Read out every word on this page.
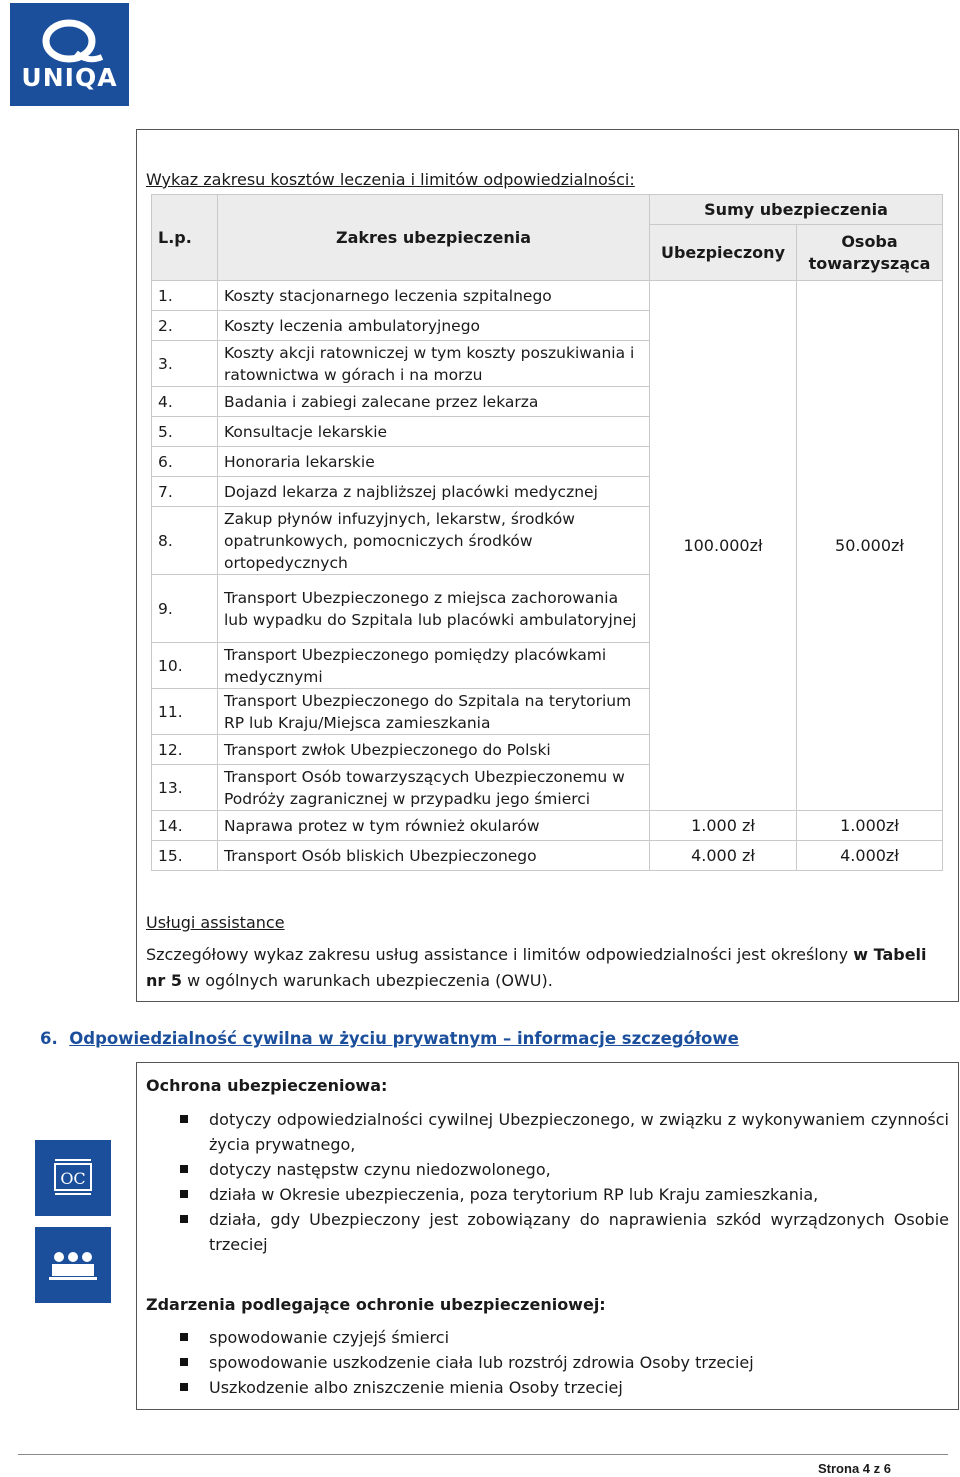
UNIQA
Wykaz zakresu kosztów leczenia i limitów odpowiedzialności:
L.p.	Zakres ubezpieczenia	Sumy ubezpieczenia	
		Ubezpieczony	Osoba towarzysząca
1.	Koszty stacjonarnego leczenia szpitalnego	100.000zł	50.000zł
2.	Koszty leczenia ambulatoryjnego		
3.	Koszty akcji ratowniczej w tym koszty poszukiwania i ratownictwa w górach i na morzu		
4.	Badania i zabiegi zalecane przez lekarza		
5.	Konsultacje lekarskie		
6.	Honoraria lekarskie		
7.	Dojazd lekarza z najbliższej placówki medycznej		
8.	Zakup płynów infuzyjnych, lekarstw, środków opatrunkowych, pomocniczych środków ortopedycznych		
9.	Transport Ubezpieczonego z miejsca zachorowania lub wypadku do Szpitala lub placówki ambulatoryjnej		
10.	Transport Ubezpieczonego pomiędzy placówkami medycznymi		
11.	Transport Ubezpieczonego do Szpitala na terytorium RP lub Kraju/Miejsca zamieszkania		
12.	Transport zwłok Ubezpieczonego do Polski		
13.	Transport Osób towarzyszących Ubezpieczonemu w Podróży zagranicznej w przypadku jego śmierci		
14.	Naprawa protez w tym również okularów	1.000 zł	1.000zł
15.	Transport Osób bliskich Ubezpieczonego	4.000 zł	4.000zł
Usługi assistance
Szczegółowy wykaz zakresu usług assistance i limitów odpowiedzialności jest określony w Tabeli nr 5 w ogólnych warunkach ubezpieczenia (OWU).
6. Odpowiedzialność cywilna w życiu prywatnym – informacje szczegółowe
OC
Ochrona ubezpieczeniowa:
dotyczy odpowiedzialności cywilnej Ubezpieczonego, w związku z wykonywaniem czynności życia prywatnego,
dotyczy następstw czynu niedozwolonego,
działa w Okresie ubezpieczenia, poza terytorium RP lub Kraju zamieszkania,
działa, gdy Ubezpieczony jest zobowiązany do naprawienia szkód wyrządzonych Osobie trzeciej
Zdarzenia podlegające ochronie ubezpieczeniowej:
spowodowanie czyjejś śmierci
spowodowanie uszkodzenie ciała lub rozstrój zdrowia Osoby trzeciej
Uszkodzenie albo zniszczenie mienia Osoby trzeciej
Strona 4 z 6
